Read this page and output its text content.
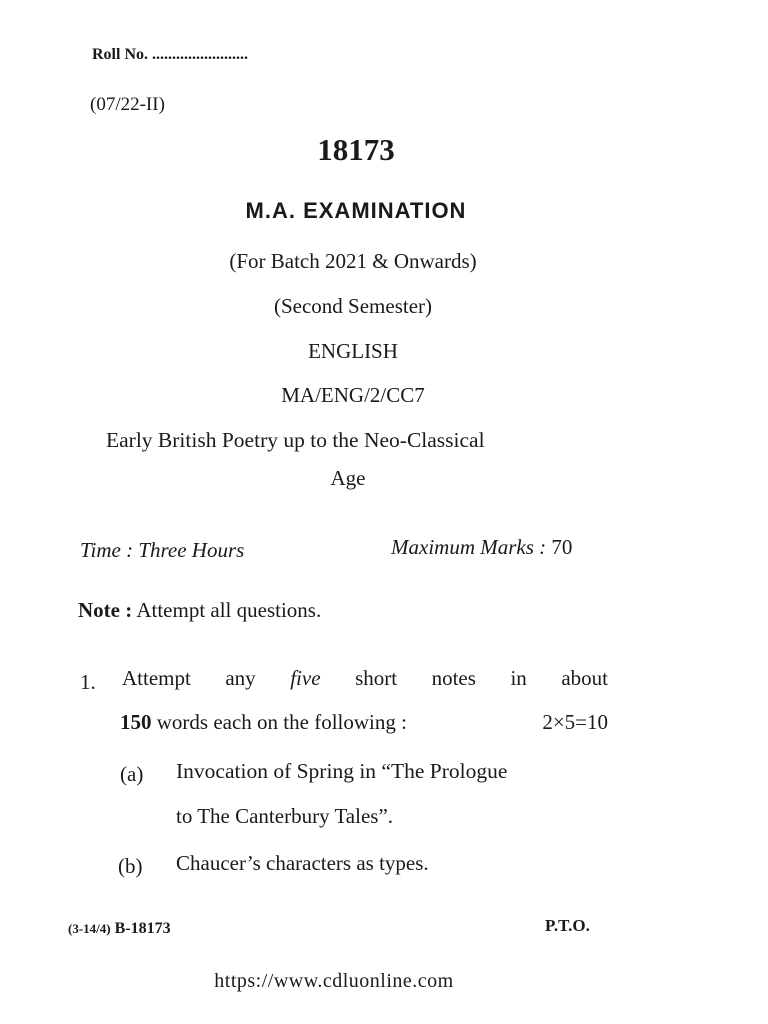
Roll No. ........................
(07/22-II)
18173
M.A. EXAMINATION
(For Batch 2021 & Onwards)
(Second Semester)
ENGLISH
MA/ENG/2/CC7
Early British Poetry up to the Neo-Classical
Age
Time : Three Hours	Maximum Marks : 70
Note : Attempt all questions.
1. Attempt any five short notes in about
150 words each on the following :	2×5=10
(a) Invocation of Spring in “The Prologue
to The Canterbury Tales”.
(b) Chaucer’s characters as types.
(3-14/4) B-18173	P.T.O.
https://www.cdluonline.com
